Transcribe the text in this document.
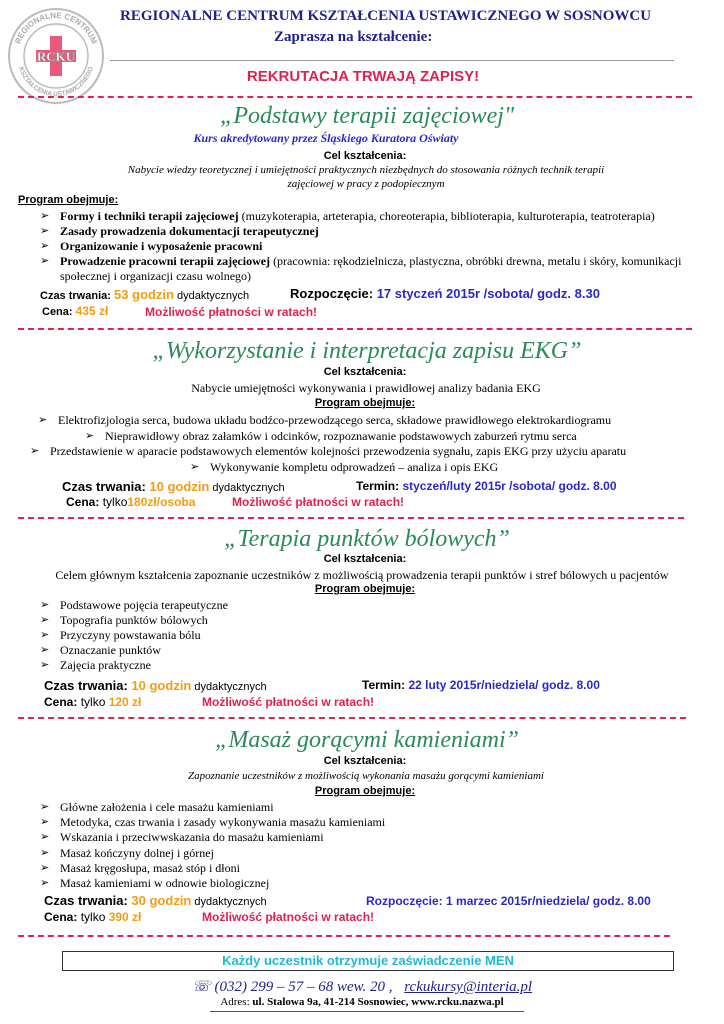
REGIONALNE CENTRUM
KSZTAŁCENIA USTAWICZNEGO
RCKU
REGIONALNE CENTRUM KSZTAŁCENIA USTAWICZNEGO W SOSNOWCU
Zaprasza na kształcenie:
REKRUTACJA TRWAJĄ ZAPISY!
„Podstawy terapii zajęciowej"
Kurs akredytowany przez Śląskiego Kuratora Oświaty
Cel kształcenia:
Nabycie wiedzy teoretycznej i umiejętności praktycznych niezbędnych do stosowania różnych technik terapii
zajęciowej w pracy z podopiecznym
Program obejmuje:
➢ Formy i techniki terapii zajęciowej (muzykoterapia, arteterapia, choreoterapia, biblioterapia, kulturoterapia, teatroterapia)
➢ Zasady prowadzenia dokumentacji terapeutycznej
➢ Organizowanie i wyposażenie pracowni
➢ Prowadzenie pracowni terapii zajęciowej (pracownia: rękodzielnicza, plastyczna, obróbki drewna, metalu i skóry, komunikacji
społecznej i organizacji czasu wolnego)
Czas trwania: 53 godzin dydaktycznych	Rozpoczęcie: 17 styczeń 2015r /sobota/ godz. 8.30
Cena: 435 zł	Możliwość płatności w ratach!
„Wykorzystanie i interpretacja zapisu EKG”
Cel kształcenia:
Nabycie umiejętności wykonywania i prawidłowej analizy badania EKG
Program obejmuje:
➢ Elektrofizjologia serca, budowa układu bodźco-przewodzącego serca, składowe prawidłowego elektrokardiogramu
➢ Nieprawidłowy obraz załamków i odcinków, rozpoznawanie podstawowych zaburzeń rytmu serca
➢ Przedstawienie w aparacie podstawowych elementów kolejności przewodzenia sygnału, zapis EKG przy użyciu aparatu
➢ Wykonywanie kompletu odprowadzeń – analiza i opis EKG
Czas trwania: 10 godzin dydaktycznych	Termin: styczeń/luty 2015r /sobota/ godz. 8.00
Cena: tylko180zł/osoba	Możliwość płatności w ratach!
„Terapia punktów bólowych”
Cel kształcenia:
Celem głównym kształcenia zapoznanie uczestników z możliwością prowadzenia terapii punktów i stref bólowych u pacjentów
Program obejmuje:
➢ Podstawowe pojęcia terapeutyczne
➢ Topografia punktów bólowych
➢ Przyczyny powstawania bólu
➢ Oznaczanie punktów
➢ Zajęcia praktyczne
Czas trwania: 10 godzin dydaktycznych	Termin: 22 luty 2015r/niedziela/ godz. 8.00
Cena: tylko 120 zł	Możliwość płatności w ratach!
„Masaż gorącymi kamieniami”
Cel kształcenia:
Zapoznanie uczestników z możliwością wykonania masażu gorącymi kamieniami
Program obejmuje:
➢ Główne założenia i cele masażu kamieniami
➢ Metodyka, czas trwania i zasady wykonywania masażu kamieniami
➢ Wskazania i przeciwwskazania do masażu kamieniami
➢ Masaż kończyny dolnej i górnej
➢ Masaż kręgosłupa, masaż stóp i dłoni
➢ Masaż kamieniami w odnowie biologicznej
Czas trwania: 30 godzin dydaktycznych	Rozpoczęcie: 1 marzec 2015r/niedziela/ godz. 8.00
Cena: tylko 390 zł	Możliwość płatności w ratach!
Każdy uczestnik otrzymuje zaświadczenie MEN
☏ (032) 299 – 57 – 68 wew. 20 , rckukursy@interia.pl
Adres: ul. Stalowa 9a, 41-214 Sosnowiec, www.rcku.nazwa.pl
